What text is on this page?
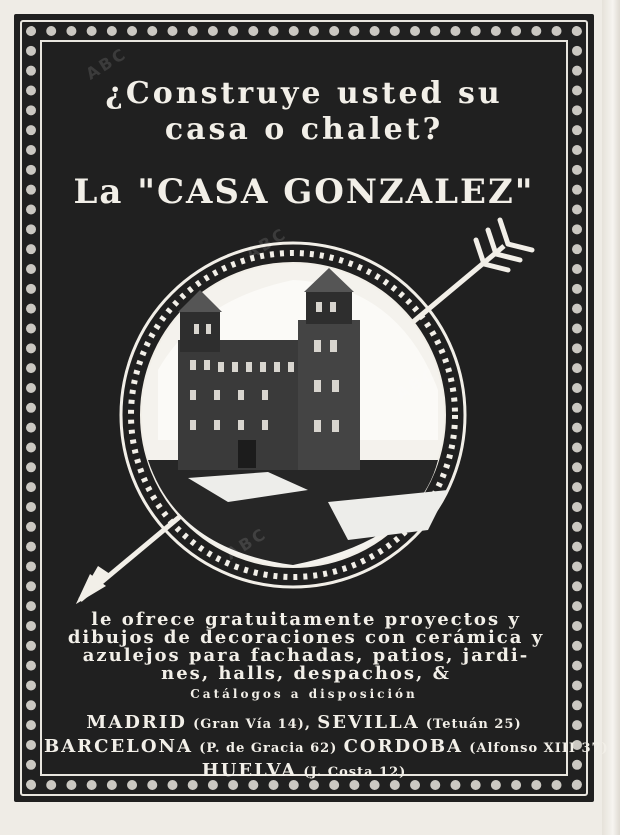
¿Construye usted su

casa o chalet?

La "CASA GONZALEZ"

le ofrece gratuitamente proyectos y

dibujos de decoraciones con cerámica y

azulejos para fachadas, patios, jardi-

nes, halls, despachos, &

Catálogos a disposición
MADRID (Gran Vía 14), SEVILLA (Tetuán 25)
BARCELONA (P. de Gracia 62) CORDOBA (Alfonso XIII 37)
HUELVA (J. Costa 12)
ABC
ABC
